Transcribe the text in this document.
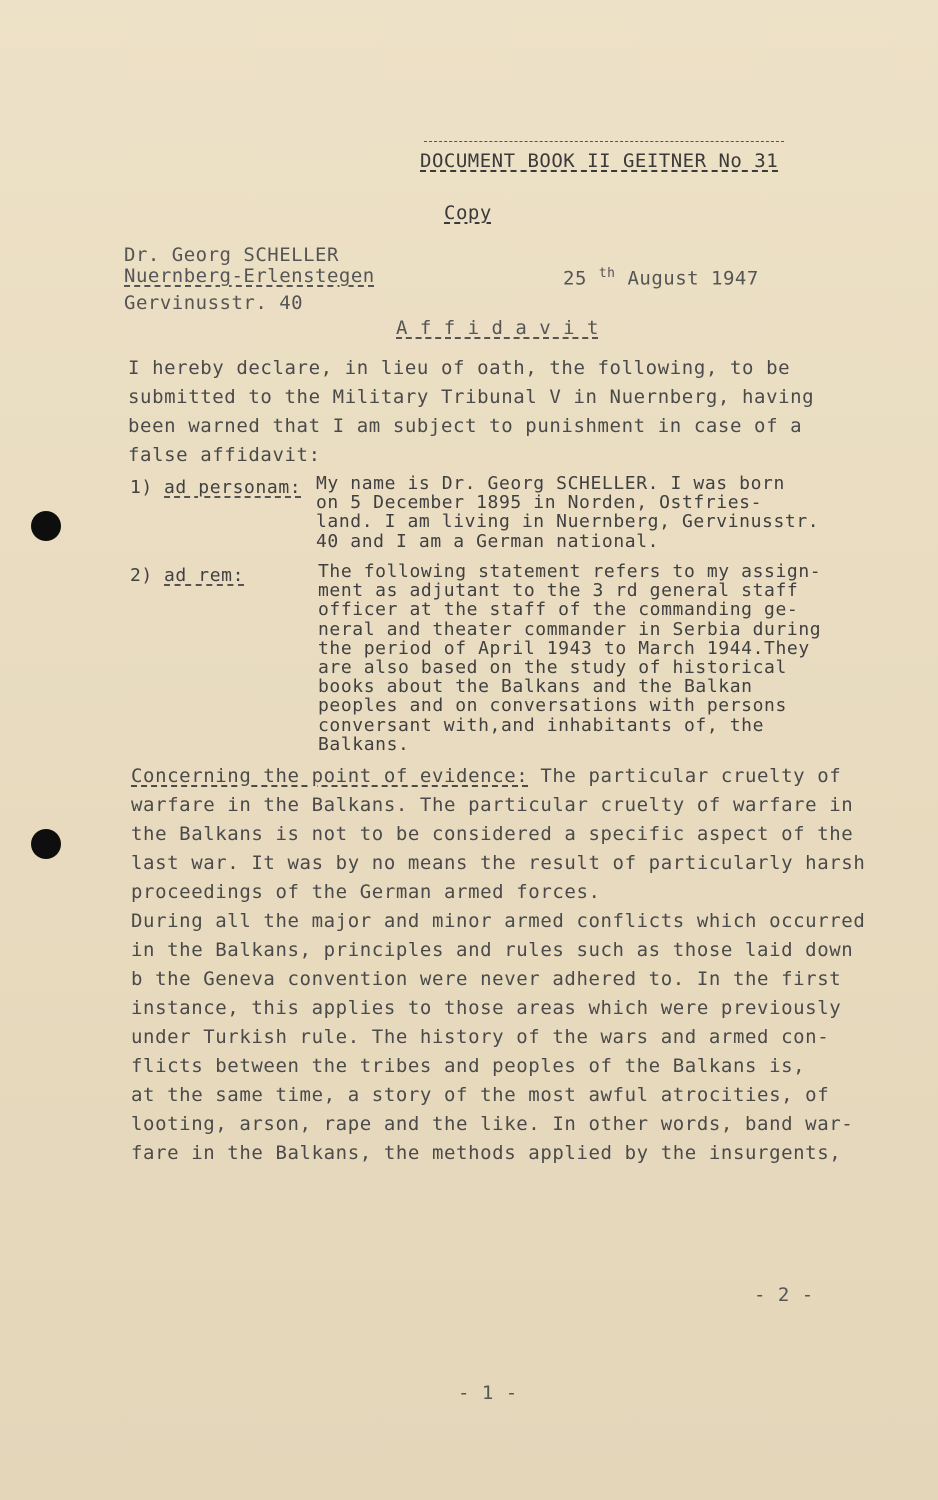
DOCUMENT BOOK II GEITNER No 31
Copy
Dr. Georg SCHELLER
Nuernberg-Erlenstegen
Gervinusstr. 40
25 $^{th}$ August 1947
A f f i d a v i t
I hereby declare, in lieu of oath, the following, to be
submitted to the Military Tribunal V in Nuernberg, having
been warned that I am subject to punishment in case of a
false affidavit:
1) ad personam: My name is Dr. Georg SCHELLER. I was born
on 5 December 1895 in Norden, Ostfries-
land. I am living in Nuernberg, Gervinusstr.
40 and I am a German national.
2) ad rem:	The following statement refers to my assign-
ment as adjutant to the 3 rd general staff
officer at the staff of the commanding ge-
neral and theater commander in Serbia during
the period of April 1943 to March 1944.They
are also based on the study of historical
books about the Balkans and the Balkan
peoples and on conversations with persons
conversant with,and inhabitants of, the
Balkans.
Concerning the point of evidence: The particular cruelty of
warfare in the Balkans. The particular cruelty of warfare in
the Balkans is not to be considered a specific aspect of the
last war. It was by no means the result of particularly harsh
proceedings of the German armed forces.
During all the major and minor armed conflicts which occurred
in the Balkans, principles and rules such as those laid down
b the Geneva convention were never adhered to. In the first
instance, this applies to those areas which were previously
under Turkish rule. The history of the wars and armed con-
flicts between the tribes and peoples of the Balkans is,
at the same time, a story of the most awful atrocities, of
looting, arson, rape and the like. In other words, band war-
fare in the Balkans, the methods applied by the insurgents,
- 2 -
- 1 -
